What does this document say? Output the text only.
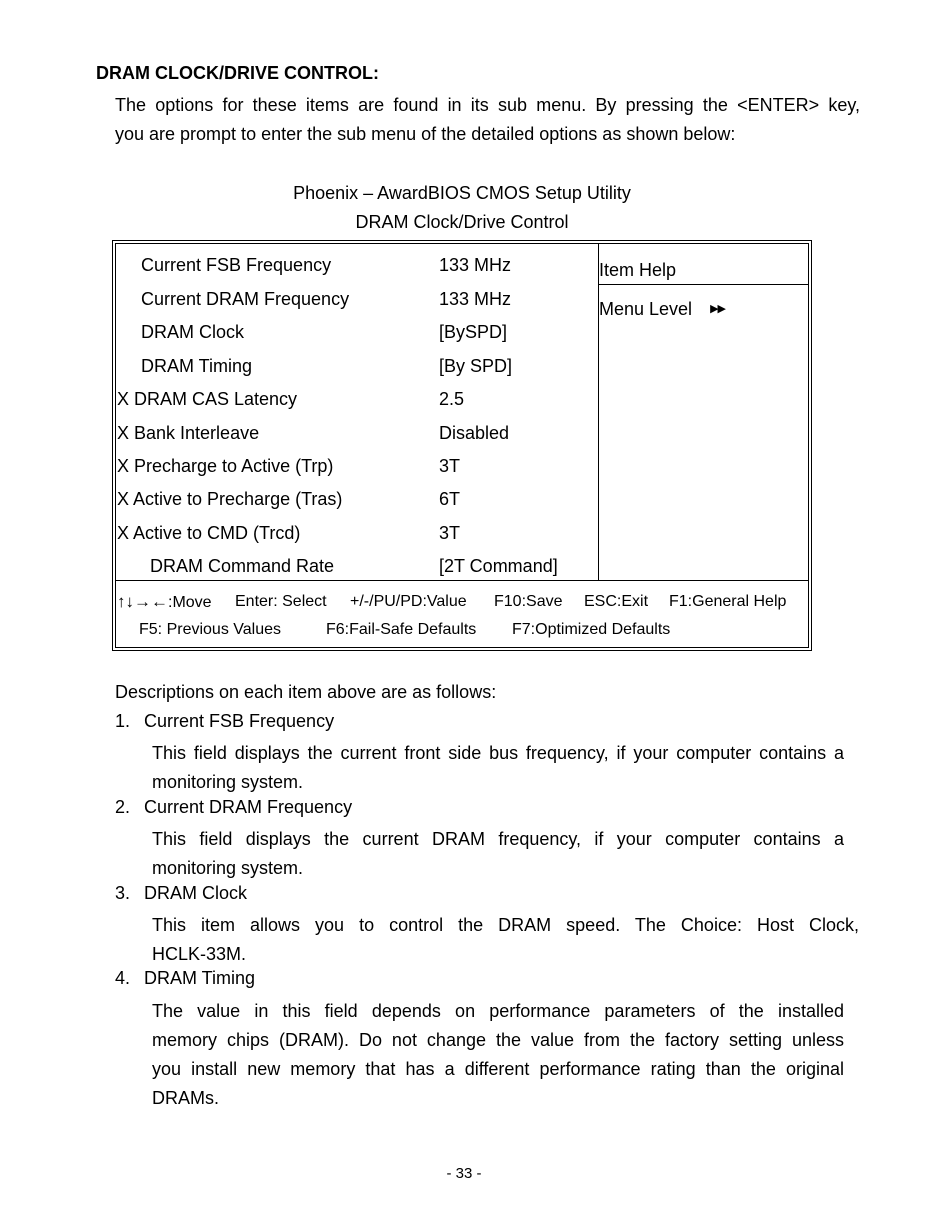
DRAM CLOCK/DRIVE CONTROL:
The options for these items are found in its sub menu. By pressing the <ENTER> key,
you are prompt to enter the sub menu of the detailed options as shown below:
Phoenix – AwardBIOS CMOS Setup Utility
DRAM Clock/Drive Control
Current FSB Frequency	133 MHz
Current DRAM Frequency	133 MHz
DRAM Clock	[BySPD]
DRAM Timing	[By SPD]
X DRAM CAS Latency	2.5
X Bank Interleave	Disabled
X Precharge to Active (Trp)	3T
X Active to Precharge (Tras)	6T
X Active to CMD (Trcd)	3T
DRAM Command Rate	[2T Command]
Item Help
Menu Level ▶▶
↑↓→←:Move Enter: Select +/-/PU/PD:Value F10:Save ESC:Exit F1:General Help
F5: Previous Values	F6:Fail-Safe Defaults F7:Optimized Defaults
Descriptions on each item above are as follows:
1. Current FSB Frequency
This field displays the current front side bus frequency, if your computer contains a
monitoring system.
2. Current DRAM Frequency
This field displays the current DRAM frequency, if your computer contains a
monitoring system.
3. DRAM Clock
This item allows you to control the DRAM speed. The Choice: Host Clock,
HCLK-33M.
4. DRAM Timing
The value in this field depends on performance parameters of the installed
memory chips (DRAM). Do not change the value from the factory setting unless
you install new memory that has a different performance rating than the original
DRAMs.
- 33 -
